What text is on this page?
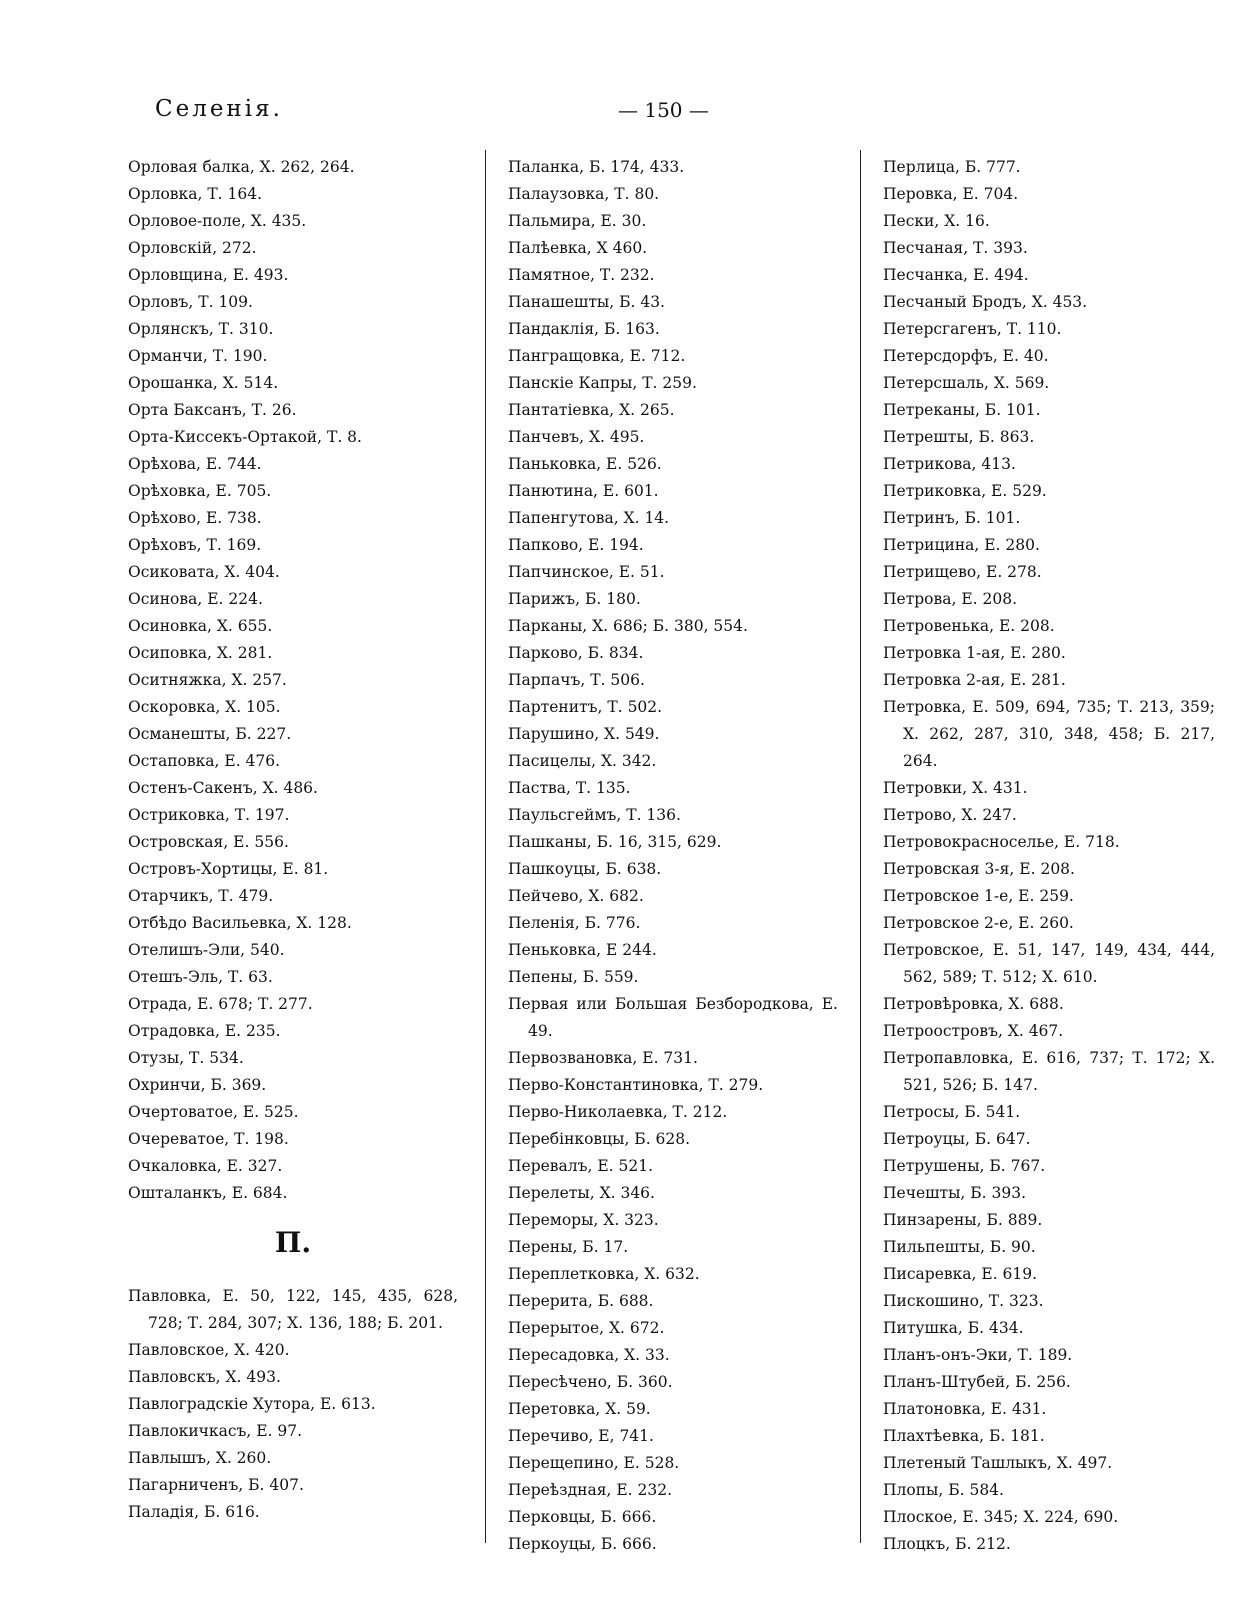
Селенія.	— 150 —
Орловая балка, Х. 262, 264.
Орловка, Т. 164.
Орловое-поле, Х. 435.
Орловскій, 272.
Орловщина, Е. 493.
Орловъ, Т. 109.
Орлянскъ, Т. 310.
Орманчи, Т. 190.
Орошанка, Х. 514.
Орта Баксанъ, Т. 26.
Орта-Киссекъ-Ортакой, Т. 8.
Орѣхова, Е. 744.
Орѣховка, Е. 705.
Орѣхово, Е. 738.
Орѣховъ, Т. 169.
Осиковата, Х. 404.
Осинова, Е. 224.
Осиновка, Х. 655.
Осиповка, Х. 281.
Оситняжка, Х. 257.
Оскоровка, Х. 105.
Османешты, Б. 227.
Остаповка, Е. 476.
Остенъ-Сакенъ, Х. 486.
Остриковка, Т. 197.
Островская, Е. 556.
Островъ-Хортицы, Е. 81.
Отарчикъ, Т. 479.
Отбѣдо Васильевка, Х. 128.
Отелишъ-Эли, 540.
Отешъ-Эль, Т. 63.
Отрада, Е. 678; Т. 277.
Отрадовка, Е. 235.
Отузы, Т. 534.
Охринчи, Б. 369.
Очертоватое, Е. 525.
Очереватое, Т. 198.
Очкаловка, Е. 327.
Ошталанкъ, Е. 684.
П.
Павловка, Е. 50, 122, 145, 435, 628, 728; Т. 284, 307; Х. 136, 188; Б. 201.
Павловское, Х. 420.
Павловскъ, Х. 493.
Павлоградскіе Хутора, Е. 613.
Павлокичкасъ, Е. 97.
Павлышъ, Х. 260.
Пагарниченъ, Б. 407.
Паладія, Б. 616.
Паланка, Б. 174, 433.
Палаузовка, Т. 80.
Пальмира, Е. 30.
Палѣевка, Х 460.
Памятное, Т. 232.
Панашешты, Б. 43.
Пандаклія, Б. 163.
Пангращовка, Е. 712.
Панскіе Капры, Т. 259.
Пантатіевка, Х. 265.
Панчевъ, Х. 495.
Паньковка, Е. 526.
Панютина, Е. 601.
Папенгутова, Х. 14.
Папково, Е. 194.
Папчинское, Е. 51.
Парижъ, Б. 180.
Парканы, Х. 686; Б. 380, 554.
Парково, Б. 834.
Парпачъ, Т. 506.
Партенитъ, Т. 502.
Парушино, Х. 549.
Пасицелы, Х. 342.
Паства, Т. 135.
Паульсгеймъ, Т. 136.
Пашканы, Б. 16, 315, 629.
Пашкоуцы, Б. 638.
Пейчево, Х. 682.
Пеленія, Б. 776.
Пеньковка, Е 244.
Пепены, Б. 559.
Первая или Большая Безбородкова, Е. 49.
Первозвановка, Е. 731.
Перво-Константиновка, Т. 279.
Перво-Николаевка, Т. 212.
Перебінковцы, Б. 628.
Перевалъ, Е. 521.
Перелеты, Х. 346.
Переморы, Х. 323.
Перены, Б. 17.
Переплетковка, Х. 632.
Перерита, Б. 688.
Перерытое, Х. 672.
Пересадовка, Х. 33.
Пересѣчено, Б. 360.
Перетовка, Х. 59.
Перечиво, Е, 741.
Перещепино, Е. 528.
Переѣздная, Е. 232.
Перковцы, Б. 666.
Перкоуцы, Б. 666.
Перлица, Б. 777.
Перовка, Е. 704.
Пески, Х. 16.
Песчаная, Т. 393.
Песчанка, Е. 494.
Песчаный Бродъ, Х. 453.
Петерсгагенъ, Т. 110.
Петерсдорфъ, Е. 40.
Петерсшаль, Х. 569.
Петреканы, Б. 101.
Петрешты, Б. 863.
Петрикова, 413.
Петриковка, Е. 529.
Петринъ, Б. 101.
Петрицина, Е. 280.
Петрищево, Е. 278.
Петрова, Е. 208.
Петровенька, Е. 208.
Петровка 1-ая, Е. 280.
Петровка 2-ая, Е. 281.
Петровка, Е. 509, 694, 735; Т. 213, 359; Х. 262, 287, 310, 348, 458; Б. 217, 264.
Петровки, Х. 431.
Петрово, Х. 247.
Петровокрасноселье, Е. 718.
Петровская 3-я, Е. 208.
Петровское 1-е, Е. 259.
Петровское 2-е, Е. 260.
Петровское, Е. 51, 147, 149, 434, 444, 562, 589; Т. 512; Х. 610.
Петровѣровка, Х. 688.
Петроостровъ, Х. 467.
Петропавловка, Е. 616, 737; Т. 172; Х. 521, 526; Б. 147.
Петросы, Б. 541.
Петроуцы, Б. 647.
Петрушены, Б. 767.
Печешты, Б. 393.
Пинзарены, Б. 889.
Пильпешты, Б. 90.
Писаревка, Е. 619.
Пискошино, Т. 323.
Питушка, Б. 434.
Планъ-онъ-Эки, Т. 189.
Планъ-Штубей, Б. 256.
Платоновка, Е. 431.
Плахтѣевка, Б. 181.
Плетеный Ташлыкъ, Х. 497.
Плопы, Б. 584.
Плоское, Е. 345; Х. 224, 690.
Плоцкъ, Б. 212.
